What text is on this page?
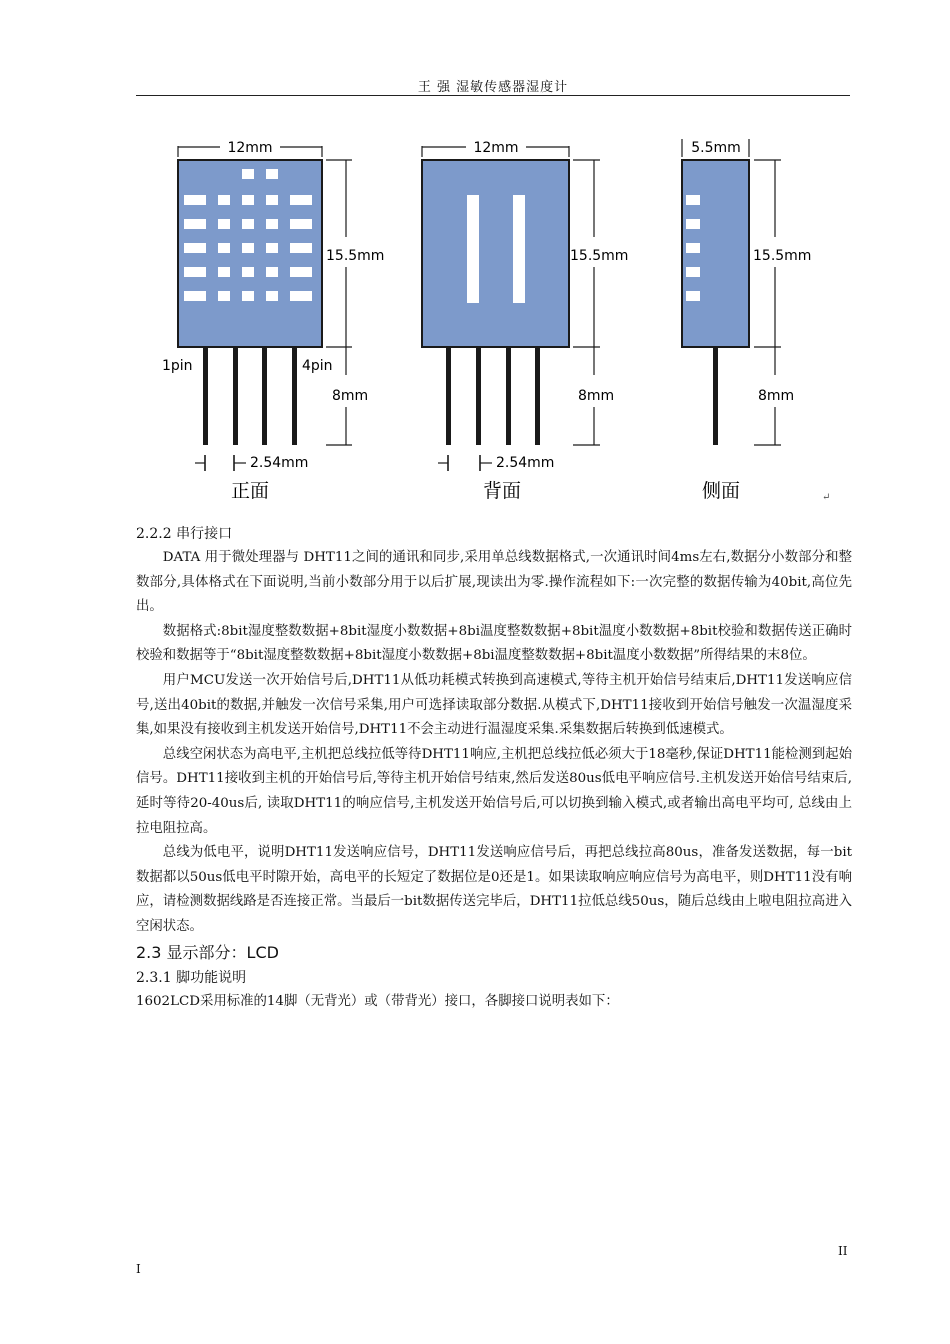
王 强 湿敏传感器湿度计
12mm
1pin	4pin
15.5mm
8mm
2.54mm
正面
12mm
15.5mm
8mm
2.54mm
背面
5.5mm
15.5mm
8mm
侧面	↵

2.2.2 串行接口

DATA 用于微处理器与 DHT11之间的通讯和同步,采用单总线数据格式,一次通讯时间4ms左右,数据分小数部分和整数部分,具体格式在下面说明,当前小数部分用于以后扩展,现读出为零.操作流程如下:一次完整的数据传输为40bit,高位先出。

数据格式:8bit湿度整数数据+8bit湿度小数数据+8bi温度整数数据+8bit温度小数数据+8bit校验和数据传送正确时校验和数据等于“8bit湿度整数数据+8bit湿度小数数据+8bi温度整数数据+8bit温度小数数据”所得结果的末8位。

用户MCU发送一次开始信号后,DHT11从低功耗模式转换到高速模式,等待主机开始信号结束后,DHT11发送响应信号,送出40bit的数据,并触发一次信号采集,用户可选择读取部分数据.从模式下,DHT11接收到开始信号触发一次温湿度采集,如果没有接收到主机发送开始信号,DHT11不会主动进行温湿度采集.采集数据后转换到低速模式。

总线空闲状态为高电平,主机把总线拉低等待DHT11响应,主机把总线拉低必须大于18毫秒,保证DHT11能检测到起始信号。DHT11接收到主机的开始信号后,等待主机开始信号结束,然后发送80us低电平响应信号.主机发送开始信号结束后,延时等待20-40us后, 读取DHT11的响应信号,主机发送开始信号后,可以切换到输入模式,或者输出高电平均可, 总线由上拉电阻拉高。

总线为低电平，说明DHT11发送响应信号，DHT11发送响应信号后，再把总线拉高80us，准备发送数据，每一bit数据都以50us低电平时隙开始，高电平的长短定了数据位是0还是1。如果读取响应响应信号为高电平，则DHT11没有响应，请检测数据线路是否连接正常。当最后一bit数据传送完毕后，DHT11拉低总线50us，随后总线由上啦电阻拉高进入空闲状态。

2.3 显示部分：LCD

2.3.1 脚功能说明

1602LCD采用标准的14脚（无背光）或（带背光）接口，各脚接口说明表如下：

II
I
